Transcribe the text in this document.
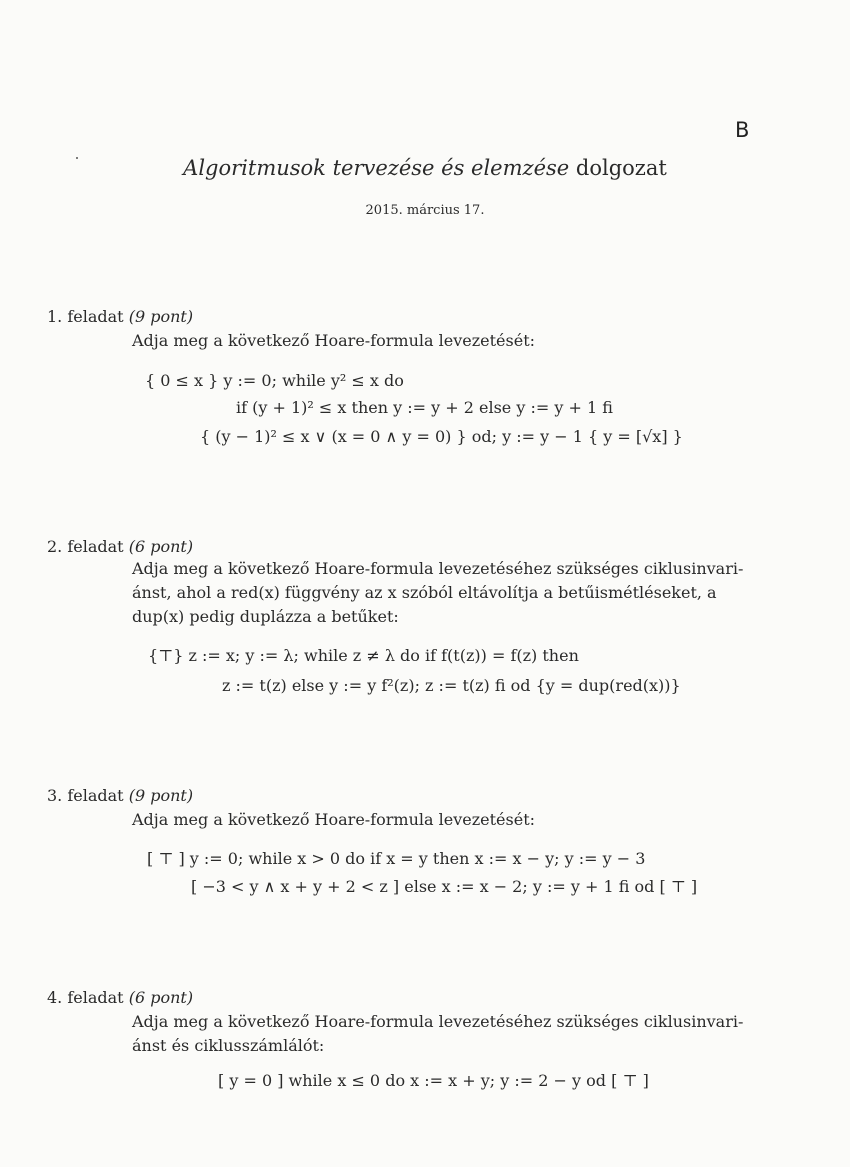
B
Algoritmusok tervezése és elemzése dolgozat
2015. március 17.
1. feladat (9 pont)
Adja meg a következő Hoare-formula levezetését:
{ 0 ≤ x } y := 0; while y² ≤ x do
if (y + 1)² ≤ x then y := y + 2 else y := y + 1 fi
{ (y − 1)² ≤ x ∨ (x = 0 ∧ y = 0) } od; y := y − 1 { y = [√x] }
2. feladat (6 pont)
Adja meg a következő Hoare-formula levezetéséhez szükséges ciklusinvari-
ánst, ahol a red(x) függvény az x szóból eltávolítja a betűismétléseket, a
dup(x) pedig duplázza a betűket:
{⊤} z := x; y := λ; while z ≠ λ do if f(t(z)) = f(z) then
z := t(z) else y := y f²(z); z := t(z) fi od {y = dup(red(x))}
3. feladat (9 pont)
Adja meg a következő Hoare-formula levezetését:
[ ⊤ ] y := 0; while x > 0 do if x = y then x := x − y; y := y − 3
[ −3 < y ∧ x + y + 2 < z ] else x := x − 2; y := y + 1 fi od [ ⊤ ]
4. feladat (6 pont)
Adja meg a következő Hoare-formula levezetéséhez szükséges ciklusinvari-
ánst és ciklusszámlálót:
[ y = 0 ] while x ≤ 0 do x := x + y; y := 2 − y od [ ⊤ ]
